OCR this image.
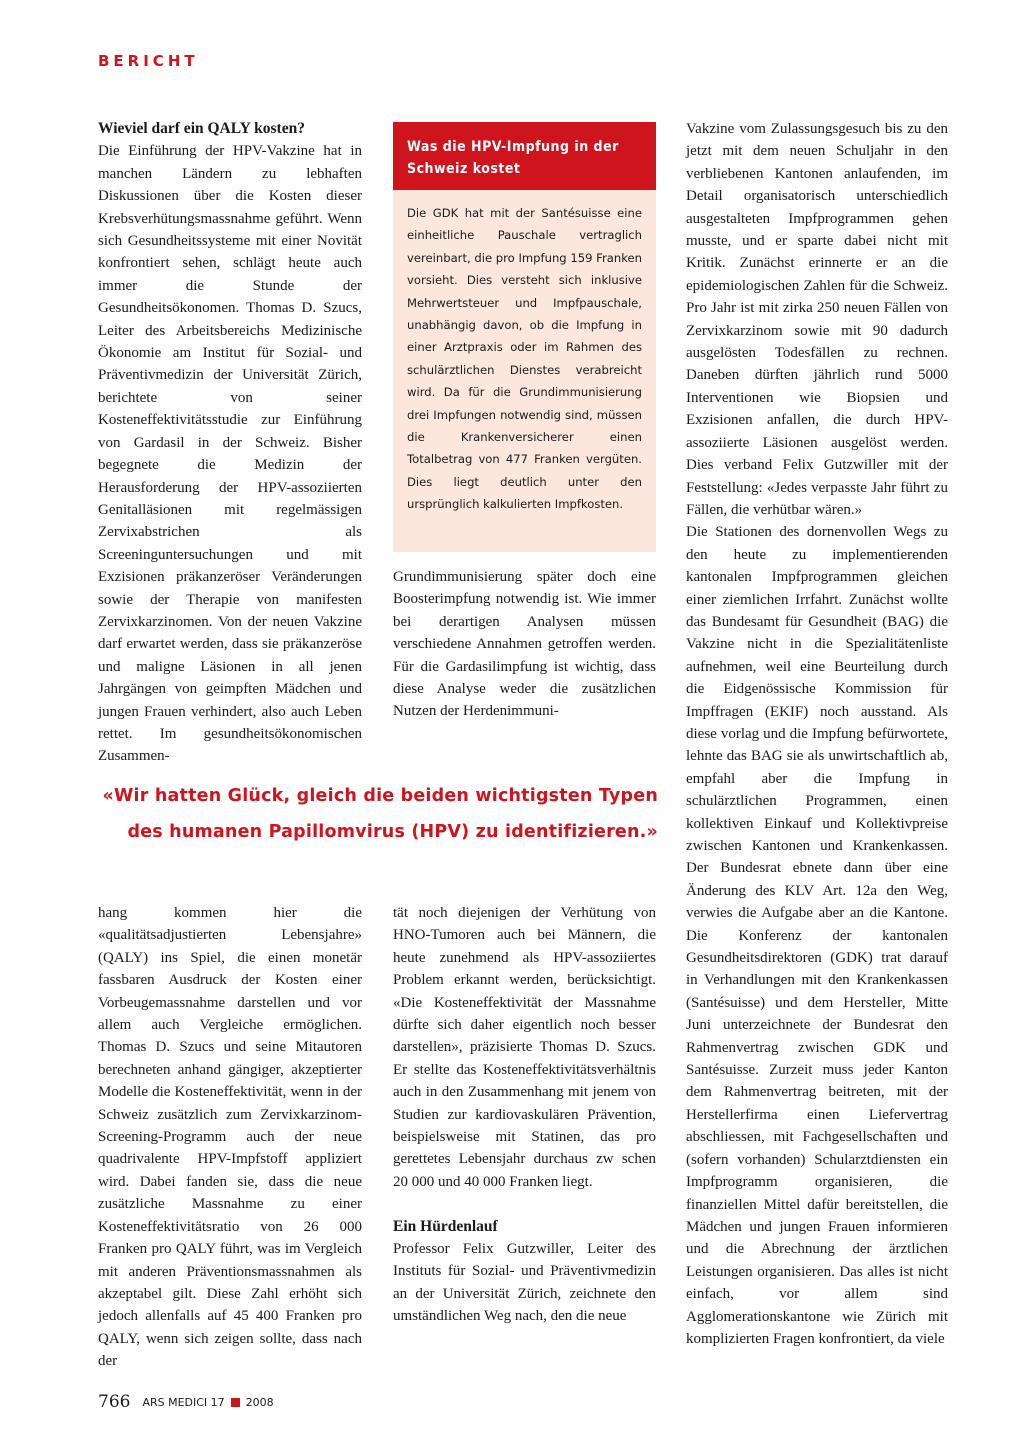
BERICHT

Wieviel darf ein QALY kosten?

Die Einführung der HPV-Vakzine hat in manchen Ländern zu lebhaften Diskussionen über die Kosten dieser Krebsverhütungsmassnahme geführt. Wenn sich Gesundheitssysteme mit einer Novität konfrontiert sehen, schlägt heute auch immer die Stunde der Gesundheitsökonomen. Thomas D. Szucs, Leiter des Arbeitsbereichs Medizinische Ökonomie am Institut für Sozial- und Präventivmedizin der Universität Zürich, berichtete von seiner Kosteneffektivitätsstudie zur Einführung von Gardasil in der Schweiz. Bisher begegnete die Medizin der Herausforderung der HPV-assoziierten Genitalläsionen mit regelmässigen Zervixabstrichen als Screeninguntersuchungen und mit Exzisionen präkanzeröser Veränderungen sowie der Therapie von manifesten Zervixkarzinomen. Von der neuen Vakzine darf erwartet werden, dass sie präkanzeröse und maligne Läsionen in all jenen Jahrgängen von geimpften Mädchen und jungen Frauen verhindert, also auch Leben rettet. Im gesundheitsökonomischen Zusammen-

Was die HPV-Impfung in der Schweiz kostet
Die GDK hat mit der Santésuisse eine einheitliche Pauschale vertraglich vereinbart, die pro Impfung 159 Franken vorsieht. Dies versteht sich inklusive Mehrwertsteuer und Impfpauschale, unabhängig davon, ob die Impfung in einer Arztpraxis oder im Rahmen des schulärztlichen Dienstes verabreicht wird. Da für die Grundimmunisierung drei Impfungen notwendig sind, müssen die Krankenversicherer einen Totalbetrag von 477 Franken vergüten. Dies liegt deutlich unter den ursprünglich kalkulierten Impfkosten.

Grundimmunisierung später doch eine Boosterimpfung notwendig ist. Wie immer bei derartigen Analysen müssen verschiedene Annahmen getroffen werden. Für die Gardasilimpfung ist wichtig, dass diese Analyse weder die zusätzlichen Nutzen der Herdenimmuni-

«Wir hatten Glück, gleich die beiden wichtigsten Typen des humanen Papillomvirus (HPV) zu identifizieren.»

hang kommen hier die «qualitätsadjustierten Lebensjahre» (QALY) ins Spiel, die einen monetär fassbaren Ausdruck der Kosten einer Vorbeugemassnahme darstellen und vor allem auch Vergleiche ermöglichen. Thomas D. Szucs und seine Mitautoren berechneten anhand gängiger, akzeptierter Modelle die Kosteneffektivität, wenn in der Schweiz zusätzlich zum Zervixkarzinom-Screening-Programm auch der neue quadrivalente HPV-Impfstoff appliziert wird. Dabei fanden sie, dass die neue zusätzliche Massnahme zu einer Kosteneffektivitätsratio von 26 000 Franken pro QALY führt, was im Vergleich mit anderen Präventionsmassnahmen als akzeptabel gilt. Diese Zahl erhöht sich jedoch allenfalls auf 45 400 Franken pro QALY, wenn sich zeigen sollte, dass nach der

tät noch diejenigen der Verhütung von HNO-Tumoren auch bei Männern, die heute zunehmend als HPV-assoziiertes Problem erkannt werden, berücksichtigt. «Die Kosteneffektivität der Massnahme dürfte sich daher eigentlich noch besser darstellen», präzisierte Thomas D. Szucs. Er stellte das Kosteneffektivitätsverhältnis auch in den Zusammenhang mit jenem von Studien zur kardiovaskulären Prävention, beispielsweise mit Statinen, das pro gerettetes Lebensjahr durchaus zw schen 20 000 und 40 000 Franken liegt.

Ein Hürdenlauf

Professor Felix Gutzwiller, Leiter des Instituts für Sozial- und Präventivmedizin an der Universität Zürich, zeichnete den umständlichen Weg nach, den die neue

Vakzine vom Zulassungsgesuch bis zu den jetzt mit dem neuen Schuljahr in den verbliebenen Kantonen anlaufenden, im Detail organisatorisch unterschiedlich ausgestalteten Impfprogrammen gehen musste, und er sparte dabei nicht mit Kritik. Zunächst erinnerte er an die epidemiologischen Zahlen für die Schweiz. Pro Jahr ist mit zirka 250 neuen Fällen von Zervixkarzinom sowie mit 90 dadurch ausgelösten Todesfällen zu rechnen. Daneben dürften jährlich rund 5000 Interventionen wie Biopsien und Exzisionen anfallen, die durch HPV-assoziierte Läsionen ausgelöst werden. Dies verband Felix Gutzwiller mit der Feststellung: «Jedes verpasste Jahr führt zu Fällen, die verhütbar wären.»

Die Stationen des dornenvollen Wegs zu den heute zu implementierenden kantonalen Impfprogrammen gleichen einer ziemlichen Irrfahrt. Zunächst wollte das Bundesamt für Gesundheit (BAG) die Vakzine nicht in die Spezialitätenliste aufnehmen, weil eine Beurteilung durch die Eidgenössische Kommission für Impffragen (EKIF) noch ausstand. Als diese vorlag und die Impfung befürwortete, lehnte das BAG sie als unwirtschaftlich ab, empfahl aber die Impfung in schulärztlichen Programmen, einen kollektiven Einkauf und Kollektivpreise zwischen Kantonen und Krankenkassen. Der Bundesrat ebnete dann über eine Änderung des KLV Art. 12a den Weg, verwies die Aufgabe aber an die Kantone. Die Konferenz der kantonalen Gesundheitsdirektoren (GDK) trat darauf in Verhandlungen mit den Krankenkassen (Santésuisse) und dem Hersteller, Mitte Juni unterzeichnete der Bundesrat den Rahmenvertrag zwischen GDK und Santésuisse. Zurzeit muss jeder Kanton dem Rahmenvertrag beitreten, mit der Herstellerfirma einen Liefervertrag abschliessen, mit Fachgesellschaften und (sofern vorhanden) Schularztdiensten ein Impfprogramm organisieren, die finanziellen Mittel dafür bereitstellen, die Mädchen und jungen Frauen informieren und die Abrechnung der ärztlichen Leistungen organisieren. Das alles ist nicht einfach, vor allem sind Agglomerationskantone wie Zürich mit komplizierten Fragen konfrontiert, da viele

766 ARS MEDICI 17 2008
